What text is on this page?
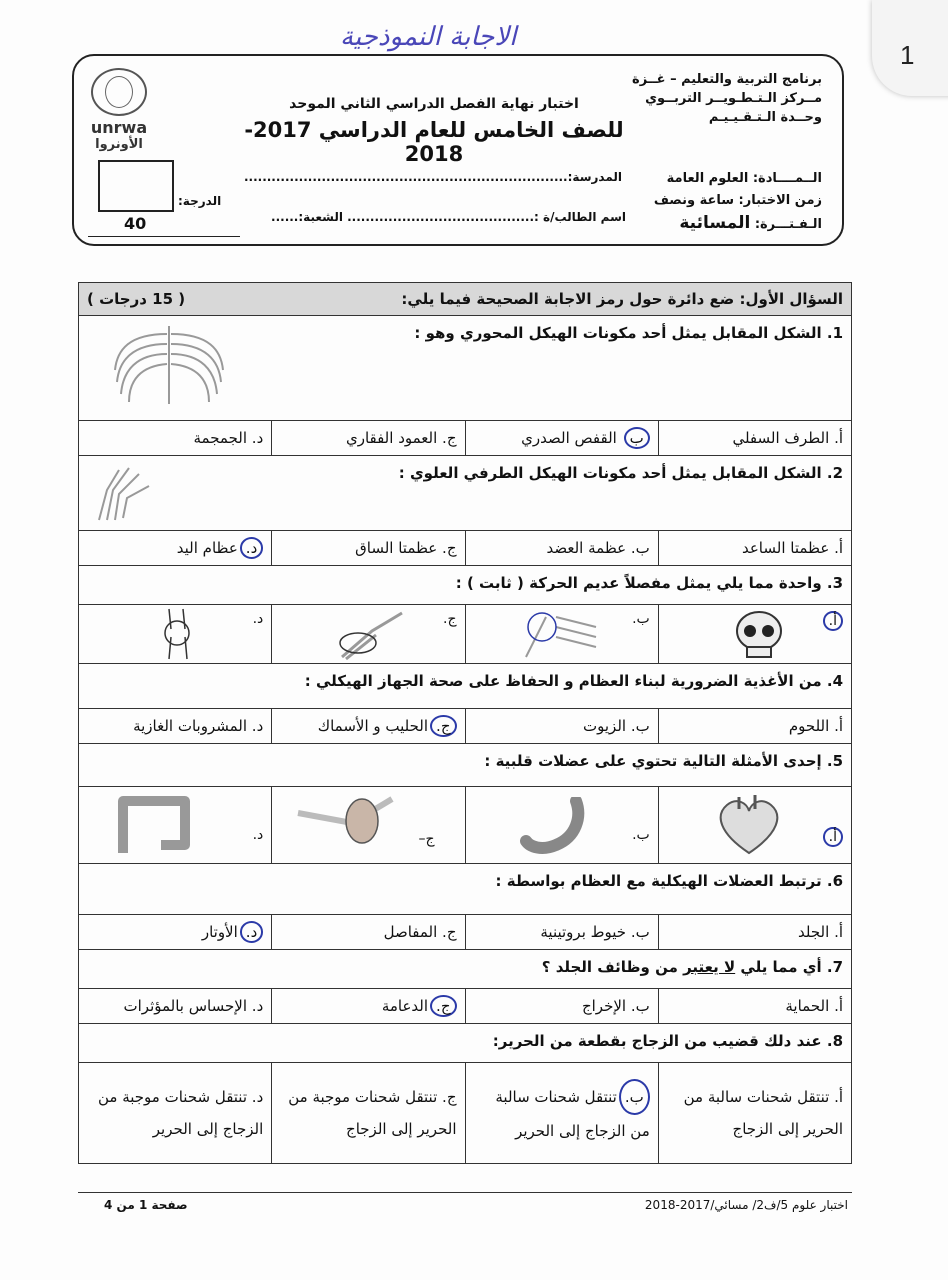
1
الاجابة النموذجية
برنامج التربية والتعليم – غــزة
مــركز الـتـطـويــر التربــوي
وحــدة الـتـقـيـيـم
اختبار نهاية الفصل الدراسي الثاني الموحد
للصف الخامس للعام الدراسي 2017-2018
unrwa
الأونروا
الدرجة:
40
الــمــــادة: العلوم العامة
زمن الاختبار: ساعة ونصف
الـفـتـــرة: المسائية
المدرسة:.......................................................................
اسم الطالب/ة :......................................... الشعبة:......
السؤال الأول: ضع دائرة حول رمز الاجابة الصحيحة فيما يلي:
( 15 درجات )			

1. الشكل المقابل يمثل أحد مكونات الهيكل المحوري وهو :			

أ. الطرف السفلي	ب القفص الصدري	ج. العمود الفقاري	د. الجمجمة
2. الشكل المقابل يمثل أحد مكونات الهيكل الطرفي العلوي :			

أ. عظمتا الساعد	ب. عظمة العضد	ج. عظمتا الساق	د.عظام اليد
3. واحدة مما يلي يمثل مفصلاً عديم الحركة ( ثابت ) :			

أ.	ب.	ج.	د.

4. من الأغذية الضرورية لبناء العظام و الحفاظ على صحة الجهاز الهيكلي :			
أ. اللحوم	ب. الزيوت	ج.الحليب و الأسماك	د. المشروبات الغازية
5. إحدى الأمثلة التالية تحتوي على عضلات قلبية :			

أ.	ب.	ج–	د.

6. ترتبط العضلات الهيكلية مع العظام بواسطة :			
أ. الجلد	ب. خيوط بروتينية	ج. المفاصل	د.الأوتار
7. أي مما يلي لا يعتبر من وظائف الجلد ؟			
أ. الحماية	ب. الإخراج	ج.الدعامة	د. الإحساس بالمؤثرات
8. عند دلك قضيب من الزجاج بقطعة من الحرير:			
أ. تنتقل شحنات سالبة من الحرير إلى الزجاج	ب.تنتقل شحنات سالبة من الزجاج إلى الحرير	ج. تنتقل شحنات موجبة من الحرير إلى الزجاج	د. تنتقل شحنات موجبة من الزجاج إلى الحرير
صفحة 1 من 4	اختبار علوم 5/ف2/ مسائي/2017-2018
